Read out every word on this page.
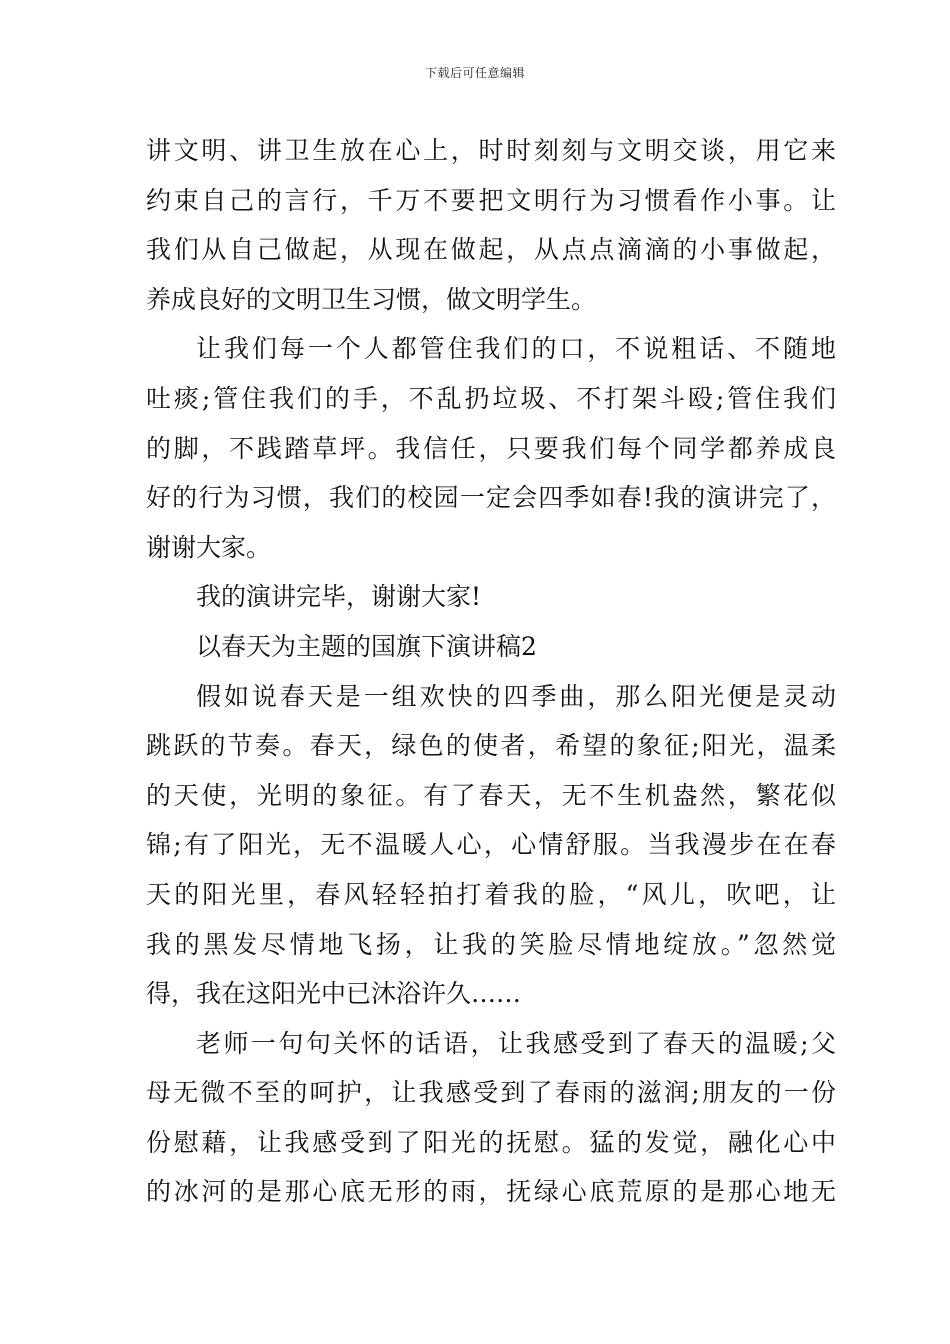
下载后可任意编辑
讲文明、讲卫生放在心上，时时刻刻与文明交谈，用它来
约束自己的言行，千万不要把文明行为习惯看作小事。让
我们从自己做起，从现在做起，从点点滴滴的小事做起，
养成良好的文明卫生习惯，做文明学生。
让我们每一个人都管住我们的口，不说粗话、不随地
吐痰;管住我们的手，不乱扔垃圾、不打架斗殴;管住我们
的脚，不践踏草坪。我信任，只要我们每个同学都养成良
好的行为习惯，我们的校园一定会四季如春!我的演讲完了，
谢谢大家。
我的演讲完毕，谢谢大家!
以春天为主题的国旗下演讲稿2
假如说春天是一组欢快的四季曲，那么阳光便是灵动
跳跃的节奏。春天，绿色的使者，希望的象征;阳光，温柔
的天使，光明的象征。有了春天，无不生机盎然，繁花似
锦;有了阳光，无不温暖人心，心情舒服。当我漫步在在春
天的阳光里，春风轻轻拍打着我的脸，“风儿，吹吧，让
我的黑发尽情地飞扬，让我的笑脸尽情地绽放。”忽然觉
得，我在这阳光中已沐浴许久……
老师一句句关怀的话语，让我感受到了春天的温暖;父
母无微不至的呵护，让我感受到了春雨的滋润;朋友的一份
份慰藉，让我感受到了阳光的抚慰。猛的发觉，融化心中
的冰河的是那心底无形的雨，抚绿心底荒原的是那心地无
